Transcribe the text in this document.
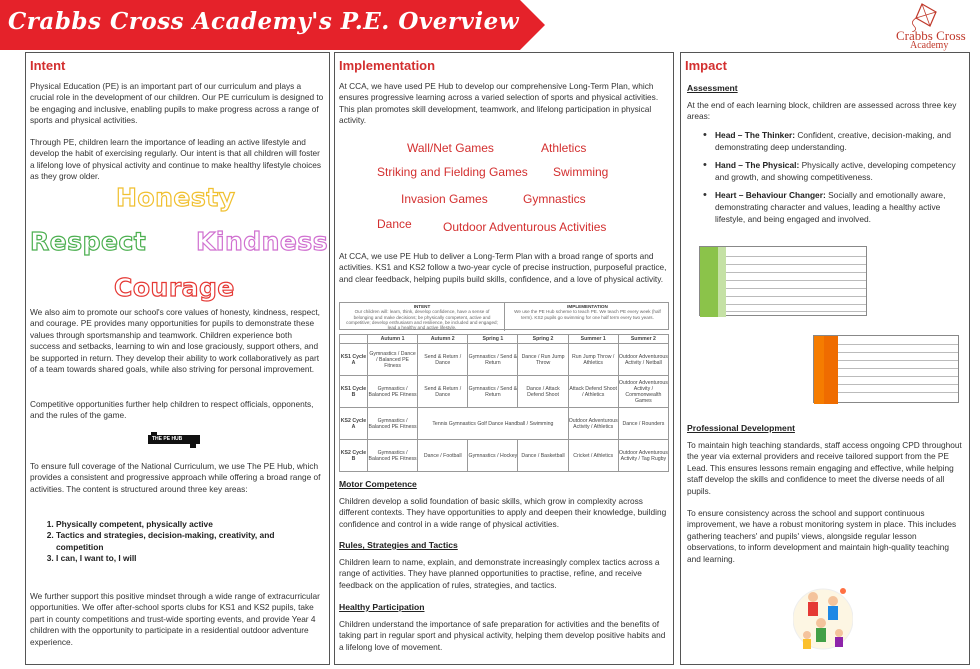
Crabbs Cross Academy's P.E. Overview
Crabbs Cross
Academy
Intent
Physical Education (PE) is an important part of our curriculum and plays a crucial role in the development of our children. Our PE curriculum is designed to be engaging and inclusive, enabling pupils to make progress across a range of sports and physical activities.
Through PE, children learn the importance of leading an active lifestyle and develop the habit of exercising regularly. Our intent is that all children will foster a lifelong love of physical activity and continue to make healthy lifestyle choices as they grow older.
Honesty
Respect Kindness
Courage
We also aim to promote our school's core values of honesty, kindness, respect, and courage. PE provides many opportunities for pupils to demonstrate these values through sportsmanship and teamwork. Children experience both success and setbacks, learning to win and lose graciously, support others, and be supported in return. They develop their ability to work collaboratively as part of a team towards shared goals, while also striving for personal improvement.
Competitive opportunities further help children to respect officials, opponents, and the rules of the game.
THE PE HUB
To ensure full coverage of the National Curriculum, we use The PE Hub, which provides a consistent and progressive approach while offering a broad range of activities. The content is structured around three key areas:
1. Physically competent, physically active
2. Tactics and strategies, decision-making, creativity, and competition
3. I can, I want to, I will
We further support this positive mindset through a wide range of extracurricular opportunities. We offer after-school sports clubs for KS1 and KS2 pupils, take part in county competitions and trust-wide sporting events, and provide Year 4 children with the opportunity to participate in a residential outdoor adventure experience.
Implementation
At CCA, we have used PE Hub to develop our comprehensive Long-Term Plan, which ensures progressive learning across a varied selection of sports and physical activities. This plan promotes skill development, teamwork, and lifelong participation in physical activity.
Wall/Net Games	Athletics
Striking and Fielding Games Swimming
Invasion Games	Gymnastics
Dance	Outdoor Adventurous Activities
At CCA, we use PE Hub to deliver a Long-Term Plan with a broad range of sports and activities. KS1 and KS2 follow a two-year cycle of precise instruction, purposeful practice, and clear feedback, helping pupils build skills, confidence, and a love of physical activity.
INTENT
Our children will: learn, think, develop confidence, have a sense of belonging and make decisions; be physically competent, active and competitive; develop enthusiasm and resilience, be included and engaged; lead a healthy and active lifestyle.
IMPLEMENTATION
We use the PE Hub scheme to teach PE. We teach PE every week (half term). KS2 pupils go swimming for one half term every two years.
	Autumn 1	Autumn 2	Spring 1	Spring 2	Summer 1	Summer 2
KS1 Cycle A	Gymnastics / Dance / Balanced PE Fitness	Send & Return / Dance	Gymnastics / Send & Return	Dance / Run Jump Throw	Run Jump Throw / Athletics	Outdoor Adventurous Activity / Netball
KS1 Cycle B	Gymnastics / Balanced PE Fitness	Send & Return / Dance	Gymnastics / Send & Return	Dance / Attack Defend Shoot	Attack Defend Shoot / Athletics	Outdoor Adventurous Activity / Commonwealth Games
KS2 Cycle A	Gymnastics / Balanced PE Fitness	Tennis Gymnastics Golf Dance Handball / Swimming			Outdoor Adventurous Activity / Athletics	Dance / Rounders
KS2 Cycle B	Gymnastics / Balanced PE Fitness	Dance / Football	Gymnastics / Hockey	Dance / Basketball	Cricket / Athletics	Outdoor Adventurous Activity / Tag Rugby
Motor Competence
Children develop a solid foundation of basic skills, which grow in complexity across different contexts. They have opportunities to apply and deepen their knowledge, building confidence and control in a wide range of physical activities.
Rules, Strategies and Tactics
Children learn to name, explain, and demonstrate increasingly complex tactics across a range of activities. They have planned opportunities to practise, refine, and receive feedback on the application of rules, strategies, and tactics.
Healthy Participation
Children understand the importance of safe preparation for activities and the benefits of taking part in regular sport and physical activity, helping them develop positive habits and a lifelong love of movement.
Impact
Assessment
At the end of each learning block, children are assessed across three key areas:
• Head – The Thinker: Confident, creative, decision-making, and demonstrating deep understanding.
• Hand – The Physical: Physically active, developing competency and growth, and showing competitiveness.
• Heart – Behaviour Changer: Socially and emotionally aware, demonstrating character and values, leading a healthy active lifestyle, and being engaged and involved.
Professional Development
To maintain high teaching standards, staff access ongoing CPD throughout the year via external providers and receive tailored support from the PE Lead. This ensures lessons remain engaging and effective, while helping staff develop the skills and confidence to meet the diverse needs of all pupils.
To ensure consistency across the school and support continuous improvement, we have a robust monitoring system in place. This includes gathering teachers' and pupils' views, alongside regular lesson observations, to inform development and maintain high-quality teaching and learning.
